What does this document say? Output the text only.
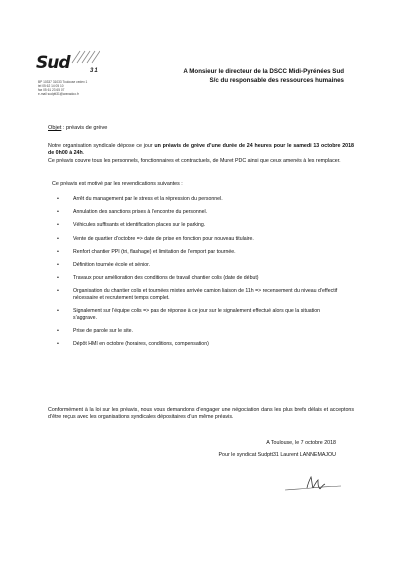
Sud	31
BP 10337 31033 Toulouse cedex 1
tel 05 62 14 05 10
fax 05 61 23 65 07
e-mail sudptt31@wanadoo.fr
A Monsieur le directeur de la DSCC Midi-Pyrénées Sud
S/c du responsable des ressources humaines
Objet : préavis de grève
Notre organisation syndicale dépose ce jour un préavis de grève d’une durée de 24 heures pour le samedi 13 octobre 2018 de 0h00 à 24h.
Ce préavis couvre tous les personnels, fonctionnaires et contractuels, de Muret PDC ainsi que ceux amenés à les remplacer.
Ce préavis est motivé par les revendications suivantes :
•	Arrêt du management par le stress et la répression du personnel.
•	Annulation des sanctions prises à l’encontre du personnel.
•	Véhicules suffisants et identification places sur le parking.
•	Vente de quartier d’octobre => date de prise en fonction pour nouveau titulaire.
•	Renfort chantier PPI (tri, flashage) et limitation de l’emport par tournée.
•	Définition tournée école et sénior.
•	Travaux pour amélioration des conditions de travail chantier colis (date de début)
•	Organisation du chantier colis et tournées mixtes arrivée camion liaison de 11h => recensement du niveau d’effectif nécessaire et recrutement temps complet.
•	Signalement sur l’équipe colis => pas de réponse à ce jour sur le signalement effectué alors que la situation s’aggrave.
•	Prise de parole sur le site.
•	Dépôt HMI en octobre (horaires, conditions, compensation)
Conformément à la loi sur les préavis, nous vous demandons d’engager une négociation dans les plus brefs délais et acceptons d’être reçus avec les organisations syndicales dépositaires d’un même préavis.
A Toulouse, le 7 octobre 2018
Pour le syndicat Sudptt31 Laurent LANNEMAJOU
